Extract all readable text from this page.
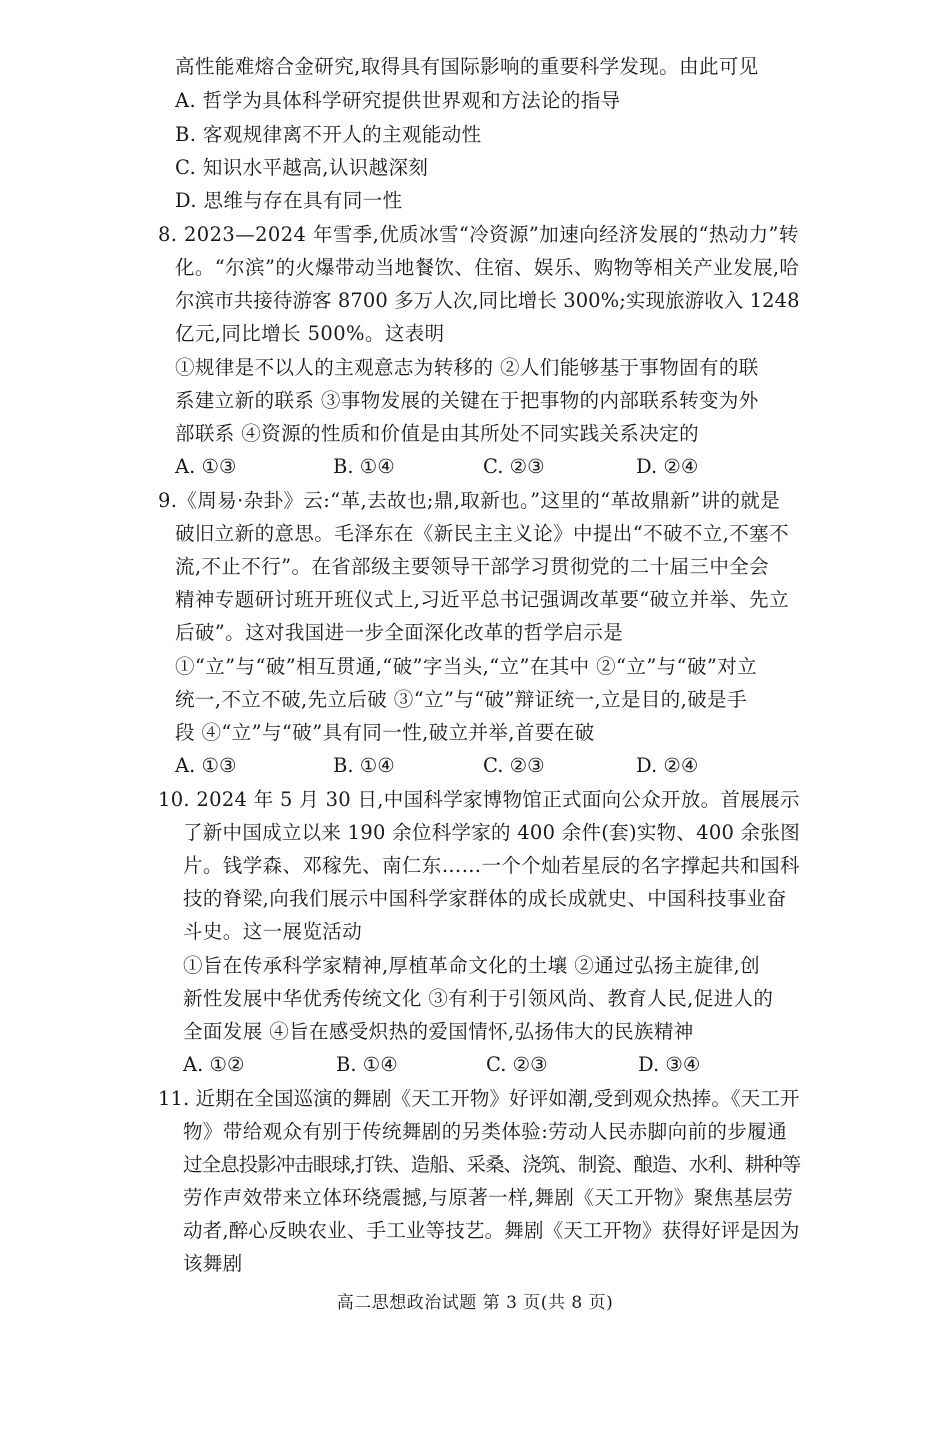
高性能难熔合金研究,取得具有国际影响的重要科学发现。由此可见
A. 哲学为具体科学研究提供世界观和方法论的指导
B. 客观规律离不开人的主观能动性
C. 知识水平越高,认识越深刻
D. 思维与存在具有同一性
8. 2023—2024 年雪季,优质冰雪“冷资源”加速向经济发展的“热动力”转
化。“尔滨”的火爆带动当地餐饮、住宿、娱乐、购物等相关产业发展,哈
尔滨市共接待游客 8700 多万人次,同比增长 300%;实现旅游收入 1248
亿元,同比增长 500%。这表明
①规律是不以人的主观意志为转移的 ②人们能够基于事物固有的联
系建立新的联系 ③事物发展的关键在于把事物的内部联系转变为外
部联系 ④资源的性质和价值是由其所处不同实践关系决定的
A. ①③	B. ①④	C. ②③	D. ②④
9.《周易·杂卦》云:“革,去故也;鼎,取新也。”这里的“革故鼎新”讲的就是
破旧立新的意思。毛泽东在《新民主主义论》中提出“不破不立,不塞不
流,不止不行”。在省部级主要领导干部学习贯彻党的二十届三中全会
精神专题研讨班开班仪式上,习近平总书记强调改革要“破立并举、先立
后破”。这对我国进一步全面深化改革的哲学启示是
①“立”与“破”相互贯通,“破”字当头,“立”在其中 ②“立”与“破”对立
统一,不立不破,先立后破 ③“立”与“破”辩证统一,立是目的,破是手
段 ④“立”与“破”具有同一性,破立并举,首要在破
A. ①③	B. ①④	C. ②③	D. ②④
10. 2024 年 5 月 30 日,中国科学家博物馆正式面向公众开放。首展展示
了新中国成立以来 190 余位科学家的 400 余件(套)实物、400 余张图
片。钱学森、邓稼先、南仁东……一个个灿若星辰的名字撑起共和国科
技的脊梁,向我们展示中国科学家群体的成长成就史、中国科技事业奋
斗史。这一展览活动
①旨在传承科学家精神,厚植革命文化的土壤 ②通过弘扬主旋律,创
新性发展中华优秀传统文化 ③有利于引领风尚、教育人民,促进人的
全面发展 ④旨在感受炽热的爱国情怀,弘扬伟大的民族精神
A. ①②	B. ①④	C. ②③	D. ③④
11. 近期在全国巡演的舞剧《天工开物》好评如潮,受到观众热捧。《天工开
物》带给观众有别于传统舞剧的另类体验:劳动人民赤脚向前的步履通
过全息投影冲击眼球,打铁、造船、采桑、浇筑、制瓷、酿造、水利、耕种等
劳作声效带来立体环绕震撼,与原著一样,舞剧《天工开物》聚焦基层劳
动者,醉心反映农业、手工业等技艺。舞剧《天工开物》获得好评是因为
该舞剧
高二思想政治试题 第 3 页(共 8 页)
